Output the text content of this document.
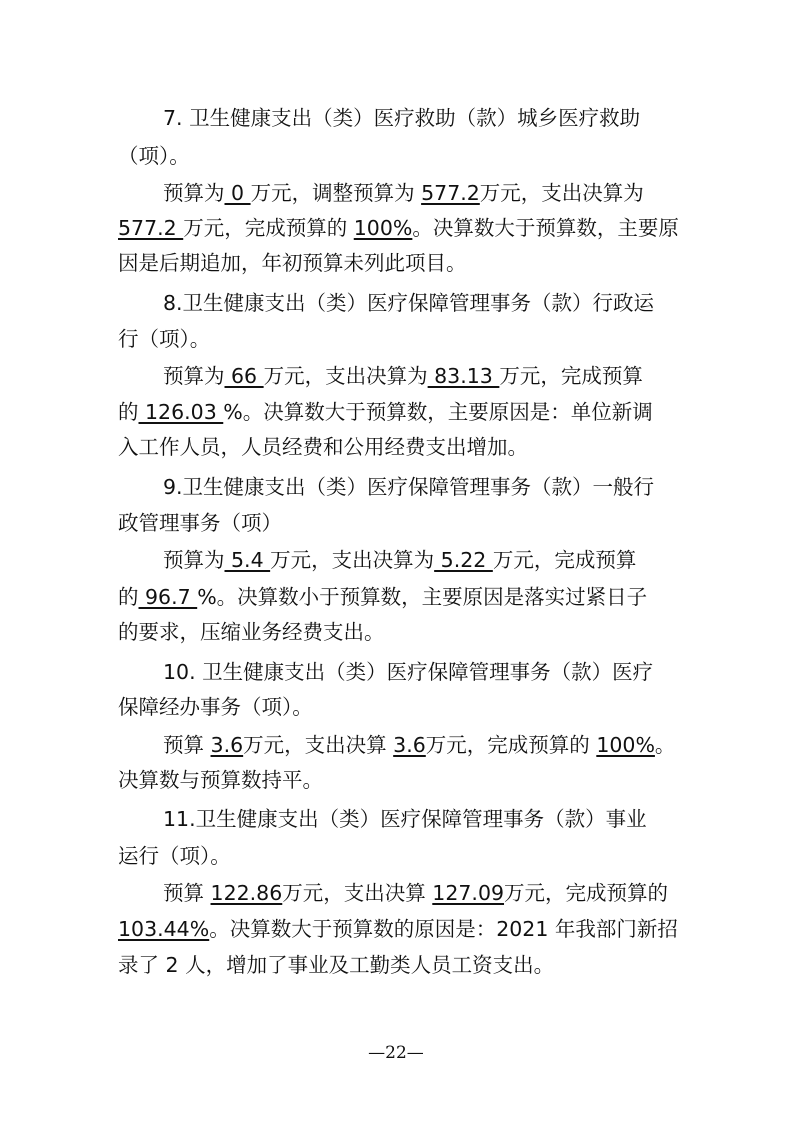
7. 卫生健康支出（类）医疗救助（款）城乡医疗救助
（项）。
预算为 0 万元，调整预算为 577.2万元，支出决算为
577.2 万元，完成预算的 100%。决算数大于预算数，主要原
因是后期追加，年初预算未列此项目。
8.卫生健康支出（类）医疗保障管理事务（款）行政运
行（项）。
预算为 66 万元，支出决算为 83.13 万元，完成预算
的 126.03 %。决算数大于预算数，主要原因是：单位新调
入工作人员，人员经费和公用经费支出增加。
9.卫生健康支出（类）医疗保障管理事务（款）一般行
政管理事务（项）
预算为 5.4 万元，支出决算为 5.22 万元，完成预算
的 96.7 %。决算数小于预算数，主要原因是落实过紧日子
的要求，压缩业务经费支出。
10. 卫生健康支出（类）医疗保障管理事务（款）医疗
保障经办事务（项）。
预算 3.6万元，支出决算 3.6万元，完成预算的 100%。
决算数与预算数持平。
11.卫生健康支出（类）医疗保障管理事务（款）事业
运行（项）。
预算 122.86万元，支出决算 127.09万元，完成预算的
103.44%。决算数大于预算数的原因是：2021 年我部门新招
录了 2 人，增加了事业及工勤类人员工资支出。
—22—
